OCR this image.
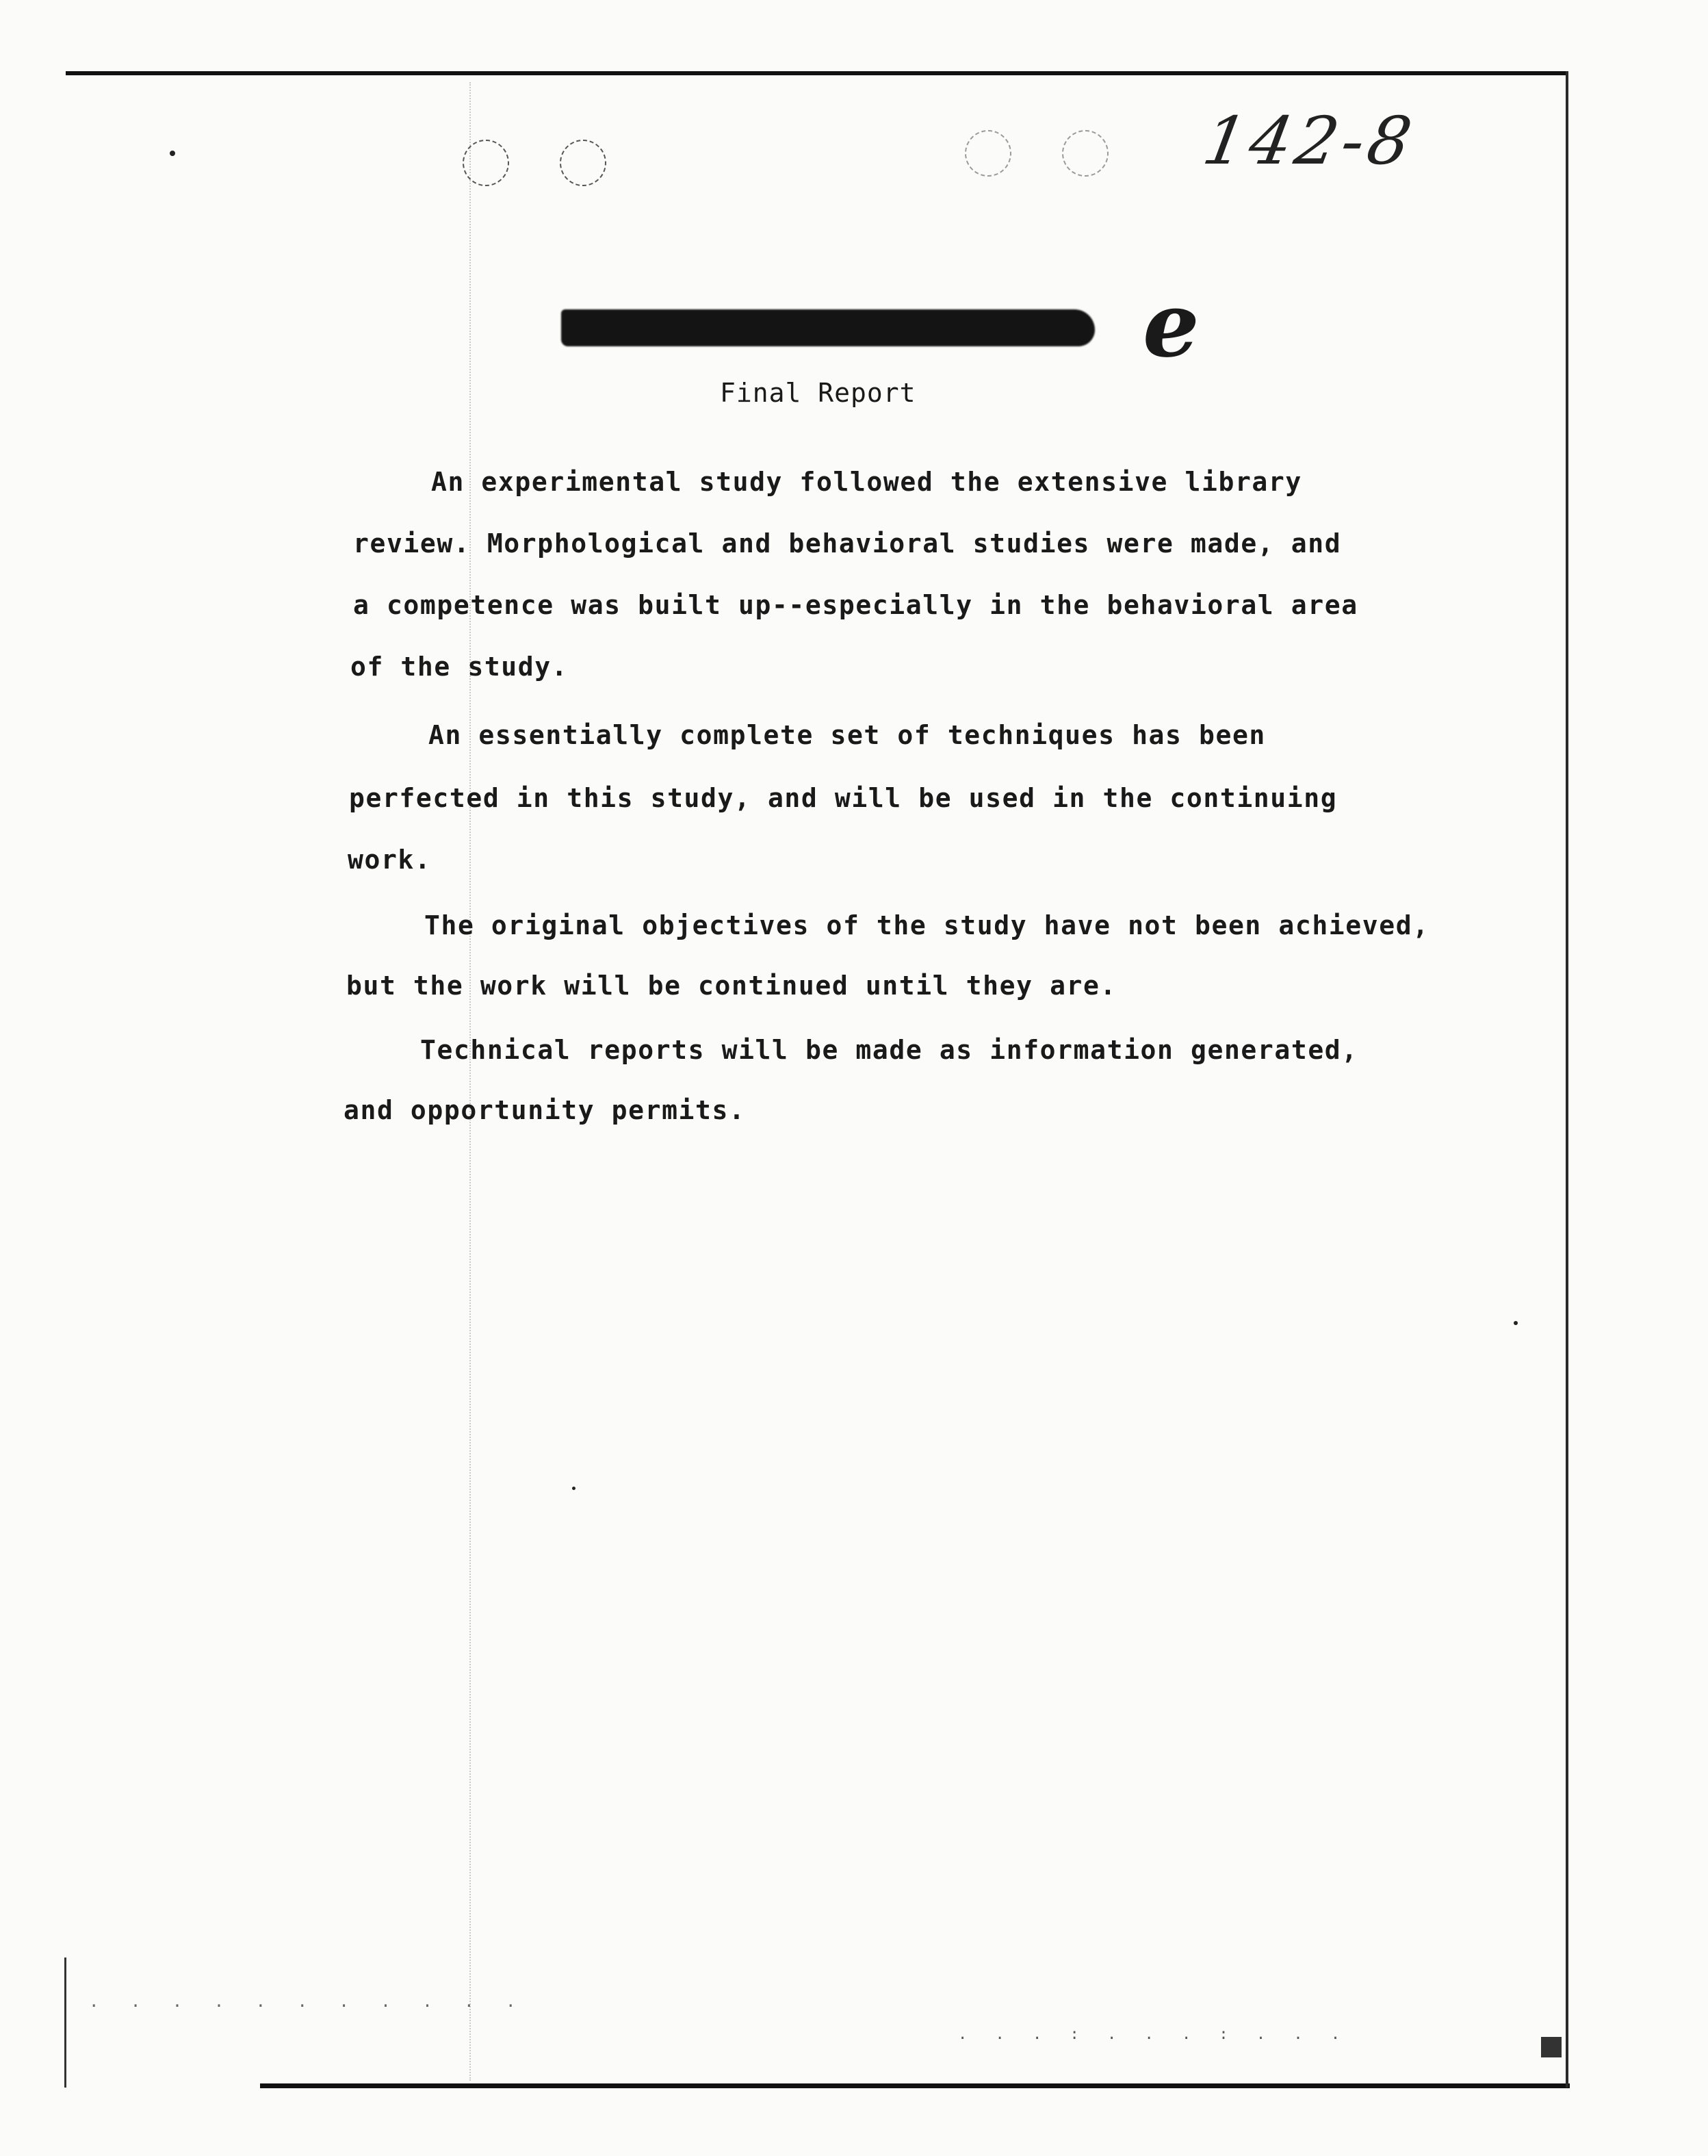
142-8
e
Final Report
An experimental study followed the extensive library
review. Morphological and behavioral studies were made, and
a competence was built up--especially in the behavioral area
of the study.
An essentially complete set of techniques has been
perfected in this study, and will be used in the continuing
work.
The original objectives of the study have not been achieved,
but the work will be continued until they are.
Technical reports will be made as information generated,
and opportunity permits.
. . . . . . . . . . .
. . . : . . . : . . .
